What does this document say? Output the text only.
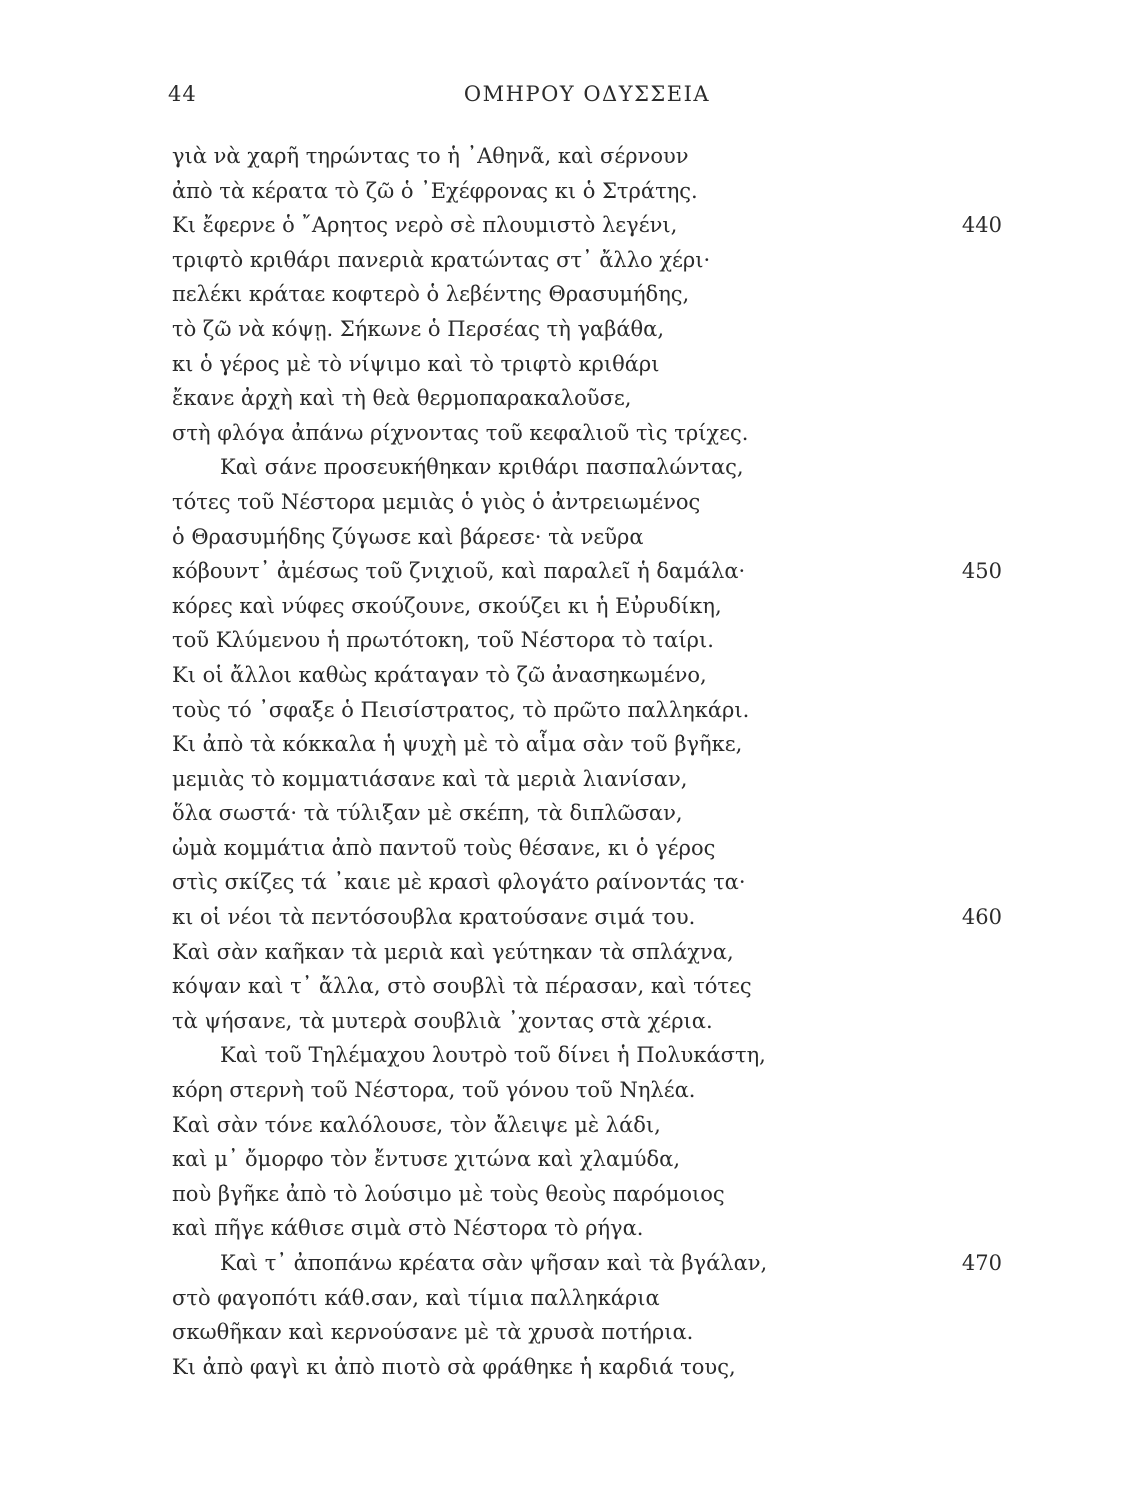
44	ΟΜΗΡΟΥ ΟΔΥΣΣΕΙΑ
γιὰ νὰ χαρῆ τηρώντας το ἡ ᾿Αθηνᾶ, καὶ σέρνουν
ἀπὸ τὰ κέρατα τὸ ζῶ ὁ ᾿Εχέφρονας κι ὁ Στράτης.
Κι ἔφερνε ὁ ῎Αρητος νερὸ σὲ πλουμιστὸ λεγένι,	440
τριφτὸ κριθάρι πανεριὰ κρατώντας στ᾿ ἄλλο χέρι·
πελέκι κράταε κοφτερὸ ὁ λεβέντης Θρασυμήδης,
τὸ ζῶ νὰ κόψῃ. Σήκωνε ὁ Περσέας τὴ γαβάθα,
κι ὁ γέρος μὲ τὸ νίψιμο καὶ τὸ τριφτὸ κριθάρι
ἔκανε ἀρχὴ καὶ τὴ θεὰ θερμοπαρακαλοῦσε,
στὴ φλόγα ἀπάνω ρίχνοντας τοῦ κεφαλιοῦ τὶς τρίχες.
Καὶ σάνε προσευκήθηκαν κριθάρι πασπαλώντας,
τότες τοῦ Νέστορα μεμιὰς ὁ γιὸς ὁ ἀντρειωμένος
ὁ Θρασυμήδης ζύγωσε καὶ βάρεσε· τὰ νεῦρα
κόβουντ᾿ ἀμέσως τοῦ ζνιχιοῦ, καὶ παραλεῖ ἡ δαμάλα·	450
κόρες καὶ νύφες σκούζουνε, σκούζει κι ἡ Εὐρυδίκη,
τοῦ Κλύμενου ἡ πρωτότοκη, τοῦ Νέστορα τὸ ταίρι.
Κι οἱ ἄλλοι καθὼς κράταγαν τὸ ζῶ ἀνασηκωμένο,
τοὺς τό ᾿σφαξε ὁ Πεισίστρατος, τὸ πρῶτο παλληκάρι.
Κι ἀπὸ τὰ κόκκαλα ἡ ψυχὴ μὲ τὸ αἷμα σὰν τοῦ βγῆκε,
μεμιὰς τὸ κομματιάσανε καὶ τὰ μεριὰ λιανίσαν,
ὅλα σωστά· τὰ τύλιξαν μὲ σκέπη, τὰ διπλῶσαν,
ὠμὰ κομμάτια ἀπὸ παντοῦ τοὺς θέσανε, κι ὁ γέρος
στὶς σκίζες τά ᾿καιε μὲ κρασὶ φλογάτο ραίνοντάς τα·
κι οἱ νέοι τὰ πεντόσουβλα κρατούσανε σιμά του.	460
Καὶ σὰν καῆκαν τὰ μεριὰ καὶ γεύτηκαν τὰ σπλάχνα,
κόψαν καὶ τ᾿ ἄλλα, στὸ σουβλὶ τὰ πέρασαν, καὶ τότες
τὰ ψήσανε, τὰ μυτερὰ σουβλιὰ ᾿χοντας στὰ χέρια.
Καὶ τοῦ Τηλέμαχου λουτρὸ τοῦ δίνει ἡ Πολυκάστη,
κόρη στερνὴ τοῦ Νέστορα, τοῦ γόνου τοῦ Νηλέα.
Καὶ σὰν τόνε καλόλουσε, τὸν ἄλειψε μὲ λάδι,
καὶ μ᾿ ὄμορφο τὸν ἔντυσε χιτώνα καὶ χλαμύδα,
ποὺ βγῆκε ἀπὸ τὸ λούσιμο μὲ τοὺς θεοὺς παρόμοιος
καὶ πῆγε κάθισε σιμὰ στὸ Νέστορα τὸ ρήγα.
Καὶ τ᾿ ἀποπάνω κρέατα σὰν ψῆσαν καὶ τὰ βγάλαν,	470
στὸ φαγοπότι κάθ.σαν, καὶ τίμια παλληκάρια
σκωθῆκαν καὶ κερνούσανε μὲ τὰ χρυσὰ ποτήρια.
Κι ἀπὸ φαγὶ κι ἀπὸ πιοτὸ σὰ φράθηκε ἡ καρδιά τους,
